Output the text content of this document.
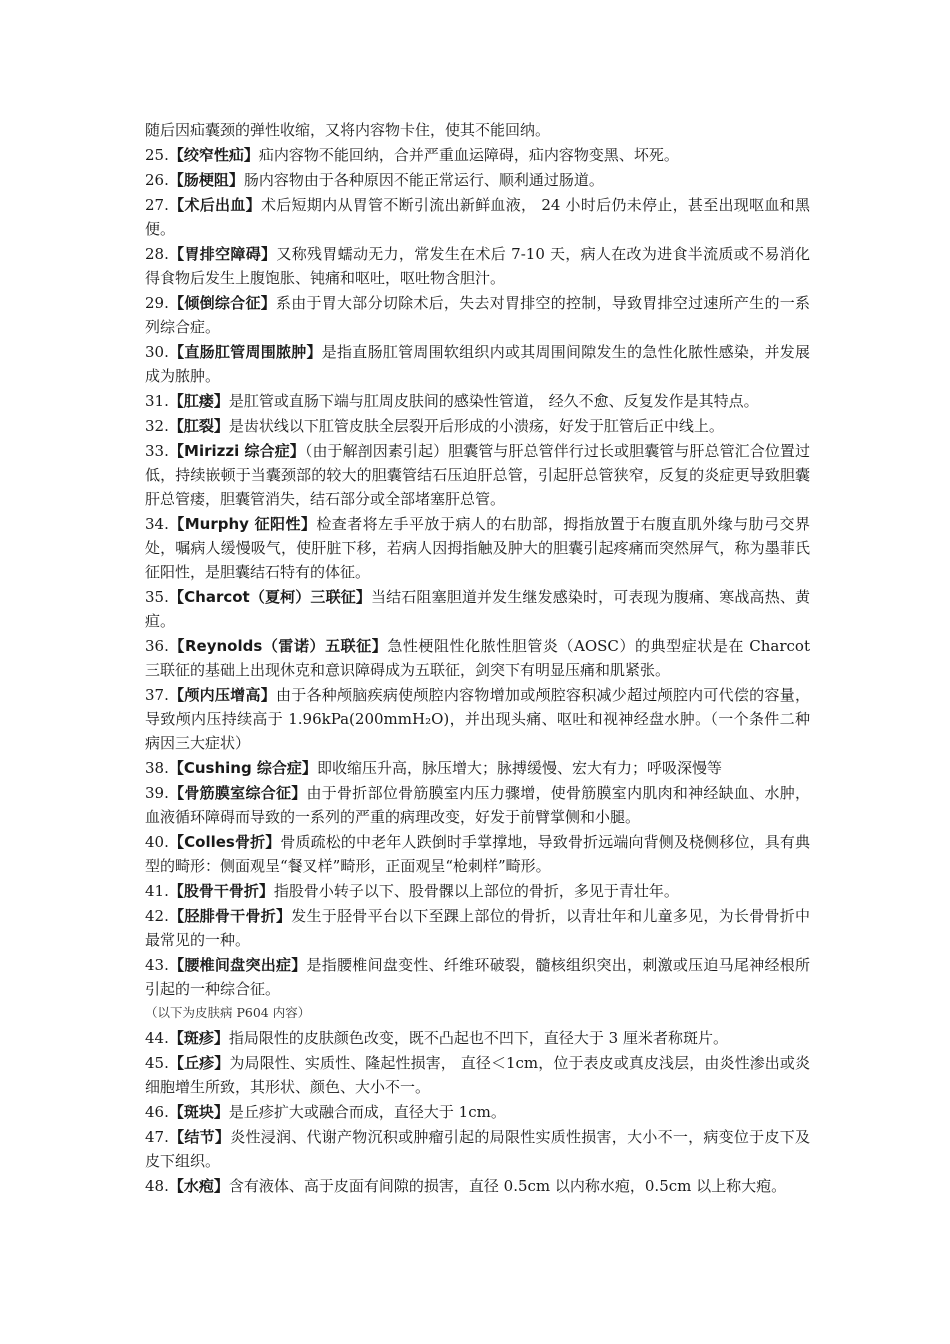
随后因疝囊颈的弹性收缩，又将内容物卡住，使其不能回纳。

25.【绞窄性疝】疝内容物不能回纳，合并严重血运障碍，疝内容物变黑、坏死。

26.【肠梗阻】肠内容物由于各种原因不能正常运行、顺利通过肠道。

27.【术后出血】术后短期内从胃管不断引流出新鲜血液， 24 小时后仍未停止，甚至出现呕血和黑便。

28.【胃排空障碍】又称残胃蠕动无力，常发生在术后 7-10 天，病人在改为进食半流质或不易消化得食物后发生上腹饱胀、钝痛和呕吐，呕吐物含胆汁。

29.【倾倒综合征】系由于胃大部分切除术后，失去对胃排空的控制，导致胃排空过速所产生的一系列综合症。

30.【直肠肛管周围脓肿】是指直肠肛管周围软组织内或其周围间隙发生的急性化脓性感染，并发展成为脓肿。

31.【肛瘘】是肛管或直肠下端与肛周皮肤间的感染性管道， 经久不愈、反复发作是其特点。

32.【肛裂】是齿状线以下肛管皮肤全层裂开后形成的小溃疡，好发于肛管后正中线上。

33.【Mirizzi 综合症】（由于解剖因素引起）胆囊管与肝总管伴行过长或胆囊管与肝总管汇合位置过低，持续嵌顿于当囊颈部的较大的胆囊管结石压迫肝总管，引起肝总管狭窄，反复的炎症更导致胆囊肝总管瘘，胆囊管消失，结石部分或全部堵塞肝总管。

34.【Murphy 征阳性】检查者将左手平放于病人的右肋部，拇指放置于右腹直肌外缘与肋弓交界处，嘱病人缓慢吸气，使肝脏下移，若病人因拇指触及肿大的胆囊引起疼痛而突然屏气，称为墨菲氏征阳性，是胆囊结石特有的体征。

35.【Charcot（夏柯）三联征】当结石阻塞胆道并发生继发感染时，可表现为腹痛、寒战高热、黄疸。

36.【Reynolds（雷诺）五联征】急性梗阻性化脓性胆管炎（AOSC）的典型症状是在 Charcot 三联征的基础上出现休克和意识障碍成为五联征，剑突下有明显压痛和肌紧张。

37.【颅内压增高】由于各种颅脑疾病使颅腔内容物增加或颅腔容积减少超过颅腔内可代偿的容量，导致颅内压持续高于 1.96kPa(200mmH₂O)，并出现头痛、呕吐和视神经盘水肿。（一个条件二种病因三大症状）

38.【Cushing 综合症】即收缩压升高，脉压增大；脉搏缓慢、宏大有力；呼吸深慢等

39.【骨筋膜室综合征】由于骨折部位骨筋膜室内压力骤增，使骨筋膜室内肌肉和神经缺血、水肿，血液循环障碍而导致的一系列的严重的病理改变，好发于前臂掌侧和小腿。

40.【Colles骨折】骨质疏松的中老年人跌倒时手掌撑地，导致骨折远端向背侧及桡侧移位，具有典型的畸形：侧面观呈“餐叉样”畸形，正面观呈“枪刺样”畸形。

41.【股骨干骨折】指股骨小转子以下、股骨髁以上部位的骨折，多见于青壮年。

42.【胫腓骨干骨折】发生于胫骨平台以下至踝上部位的骨折，以青壮年和儿童多见，为长骨骨折中最常见的一种。

43.【腰椎间盘突出症】是指腰椎间盘变性、纤维环破裂，髓核组织突出，刺激或压迫马尾神经根所引起的一种综合征。

（以下为皮肤病 P604 内容）

44.【斑疹】指局限性的皮肤颜色改变，既不凸起也不凹下，直径大于 3 厘米者称斑片。

45.【丘疹】为局限性、实质性、隆起性损害， 直径＜1cm，位于表皮或真皮浅层，由炎性渗出或炎细胞增生所致，其形状、颜色、大小不一。

46.【斑块】是丘疹扩大或融合而成，直径大于 1cm。

47.【结节】炎性浸润、代谢产物沉积或肿瘤引起的局限性实质性损害，大小不一，病变位于皮下及皮下组织。

48.【水疱】含有液体、高于皮面有间隙的损害，直径 0.5cm 以内称水疱，0.5cm 以上称大疱。
